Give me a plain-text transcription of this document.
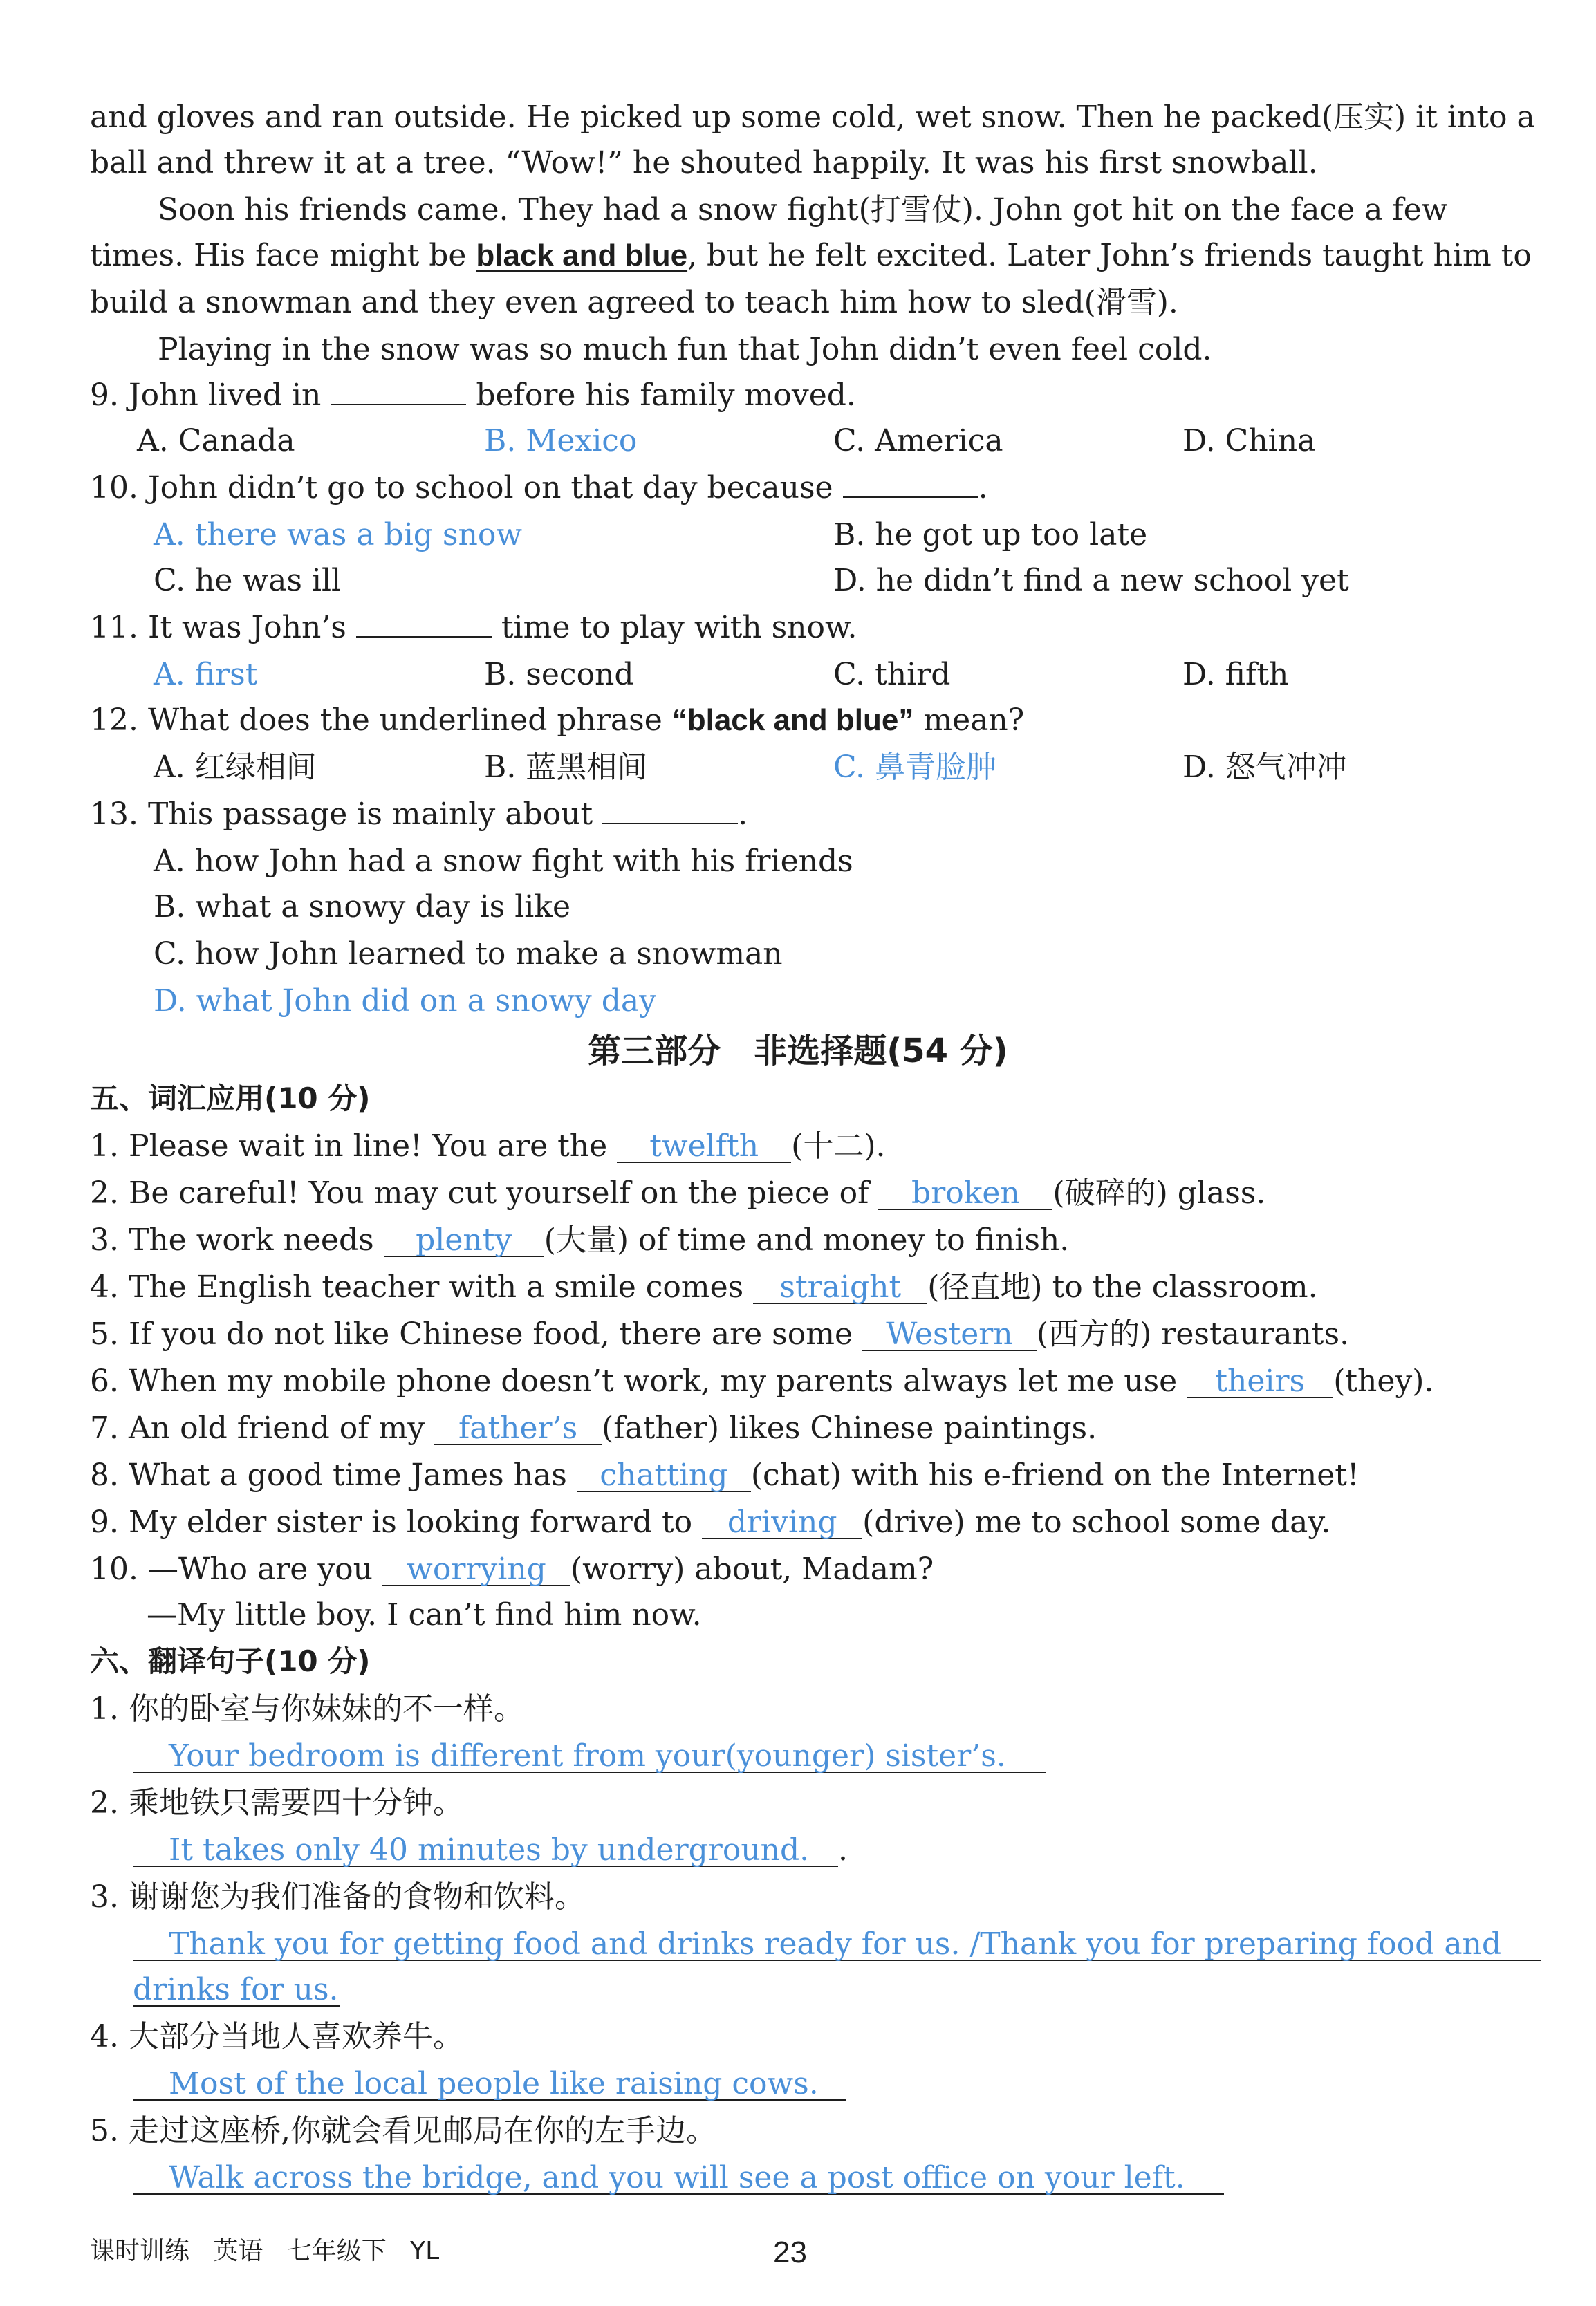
and gloves and ran outside. He picked up some cold, wet snow. Then he packed(压实) it into a
ball and threw it at a tree. “Wow!” he shouted happily. It was his first snowball.
Soon his friends came. They had a snow fight(打雪仗). John got hit on the face a few
times. His face might be black and blue, but he felt excited. Later John’s friends taught him to
build a snowman and they even agreed to teach him how to sled(滑雪).
Playing in the snow was so much fun that John didn’t even feel cold.
9. John lived in	before his family moved.
A. Canada	B. Mexico	C. America	D. China
10. John didn’t go to school on that day because	.
A. there was a big snow	B. he got up too late
C. he was ill	D. he didn’t find a new school yet
11. It was John’s	time to play with snow.
A. first	B. second	C. third	D. fifth
12. What does the underlined phrase “black and blue” mean?
A. 红绿相间	B. 蓝黑相间	C. 鼻青脸肿	D. 怒气冲冲
13. This passage is mainly about	.
A. how John had a snow fight with his friends
B. what a snowy day is like
C. how John learned to make a snowman
D. what John did on a snowy day
第三部分　非选择题(54 分)
五、词汇应用(10 分)
1. Please wait in line! You are the twelfth (十二).
2. Be careful! You may cut yourself on the piece of broken (破碎的) glass.
3. The work needs plenty (大量) of time and money to finish.
4. The English teacher with a smile comes straight (径直地) to the classroom.
5. If you do not like Chinese food, there are some Western (西方的) restaurants.
6. When my mobile phone doesn’t work, my parents always let me use theirs (they).
7. An old friend of my father’s (father) likes Chinese paintings.
8. What a good time James has chatting (chat) with his e-friend on the Internet!
9. My elder sister is looking forward to driving (drive) me to school some day.
10. —Who are you worrying (worry) about, Madam?
—My little boy. I can’t find him now.
六、翻译句子(10 分)
1. 你的卧室与你妹妹的不一样。
Your bedroom is different from your(younger) sister’s.
2. 乘地铁只需要四十分钟。
It takes only 40 minutes by underground. .
3. 谢谢您为我们准备的食物和饮料。
Thank you for getting food and drinks ready for us. /Thank you for preparing food and
drinks for us.
4. 大部分当地人喜欢养牛。
Most of the local people like raising cows.
5. 走过这座桥,你就会看见邮局在你的左手边。
Walk across the bridge, and you will see a post office on your left.
课时训练 英语 七年级下 YL	23
